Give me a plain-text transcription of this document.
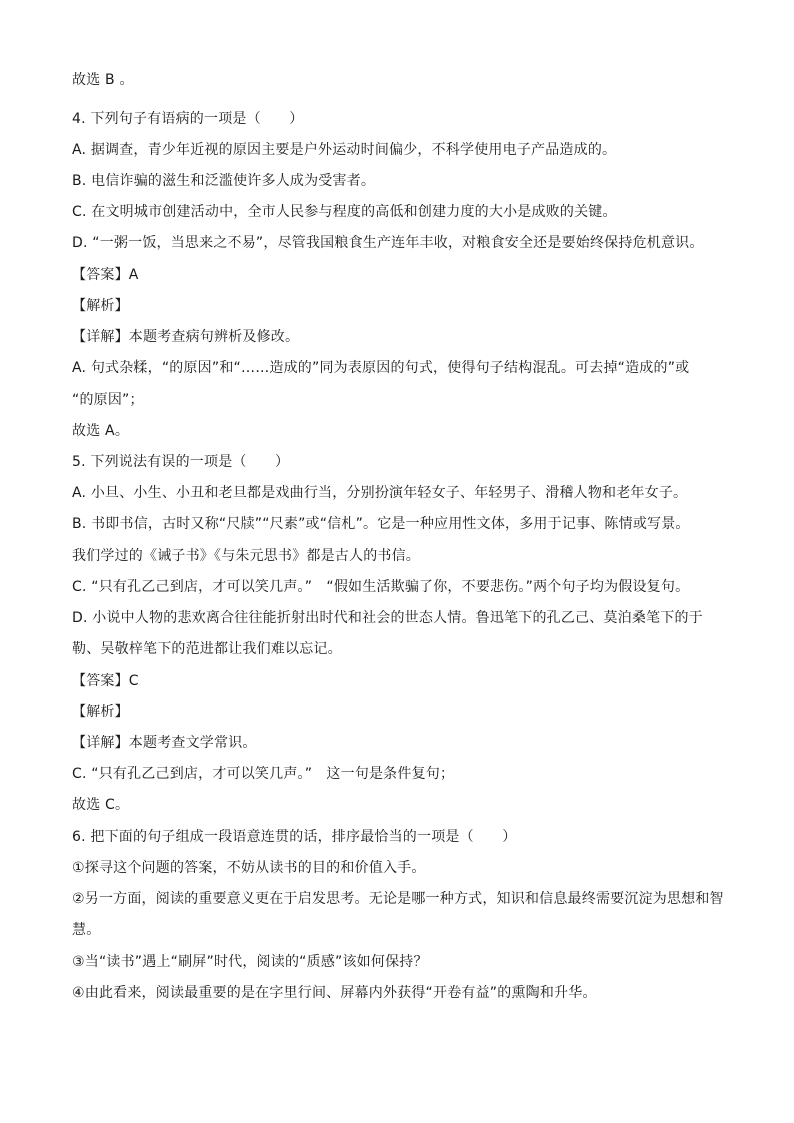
故选 B 。
4. 下列句子有语病的一项是（　　）
A. 据调查，青少年近视的原因主要是户外运动时间偏少，不科学使用电子产品造成的。
B. 电信诈骗的滋生和泛滥使许多人成为受害者。
C. 在文明城市创建活动中，全市人民参与程度的高低和创建力度的大小是成败的关键。
D. “一粥一饭，当思来之不易”，尽管我国粮食生产连年丰收，对粮食安全还是要始终保持危机意识。
【答案】A
【解析】
【详解】本题考查病句辨析及修改。
A. 句式杂糅，“的原因”和“……造成的”同为表原因的句式，使得句子结构混乱。可去掉“造成的”或
“的原因”；
故选 A。
5. 下列说法有误的一项是（　　）
A. 小旦、小生、小丑和老旦都是戏曲行当，分别扮演年轻女子、年轻男子、滑稽人物和老年女子。
B. 书即书信，古时又称“尺牍”“尺素”或“信札”。它是一种应用性文体，多用于记事、陈情或写景。
我们学过的《诫子书》《与朱元思书》都是古人的书信。
C. “只有孔乙己到店，才可以笑几声。”　“假如生活欺骗了你，不要悲伤。”两个句子均为假设复句。
D. 小说中人物的悲欢离合往往能折射出时代和社会的世态人情。鲁迅笔下的孔乙己、莫泊桑笔下的于
勒、吴敬梓笔下的范进都让我们难以忘记。
【答案】C
【解析】
【详解】本题考查文学常识。
C. “只有孔乙己到店，才可以笑几声。”　这一句是条件复句；
故选 C。
6. 把下面的句子组成一段语意连贯的话，排序最恰当的一项是（　　）
①探寻这个问题的答案，不妨从读书的目的和价值入手。
②另一方面，阅读的重要意义更在于启发思考。无论是哪一种方式，知识和信息最终需要沉淀为思想和智
慧。
③当“读书”遇上“刷屏”时代，阅读的“质感”该如何保持？
④由此看来，阅读最重要的是在字里行间、屏幕内外获得“开卷有益”的熏陶和升华。
